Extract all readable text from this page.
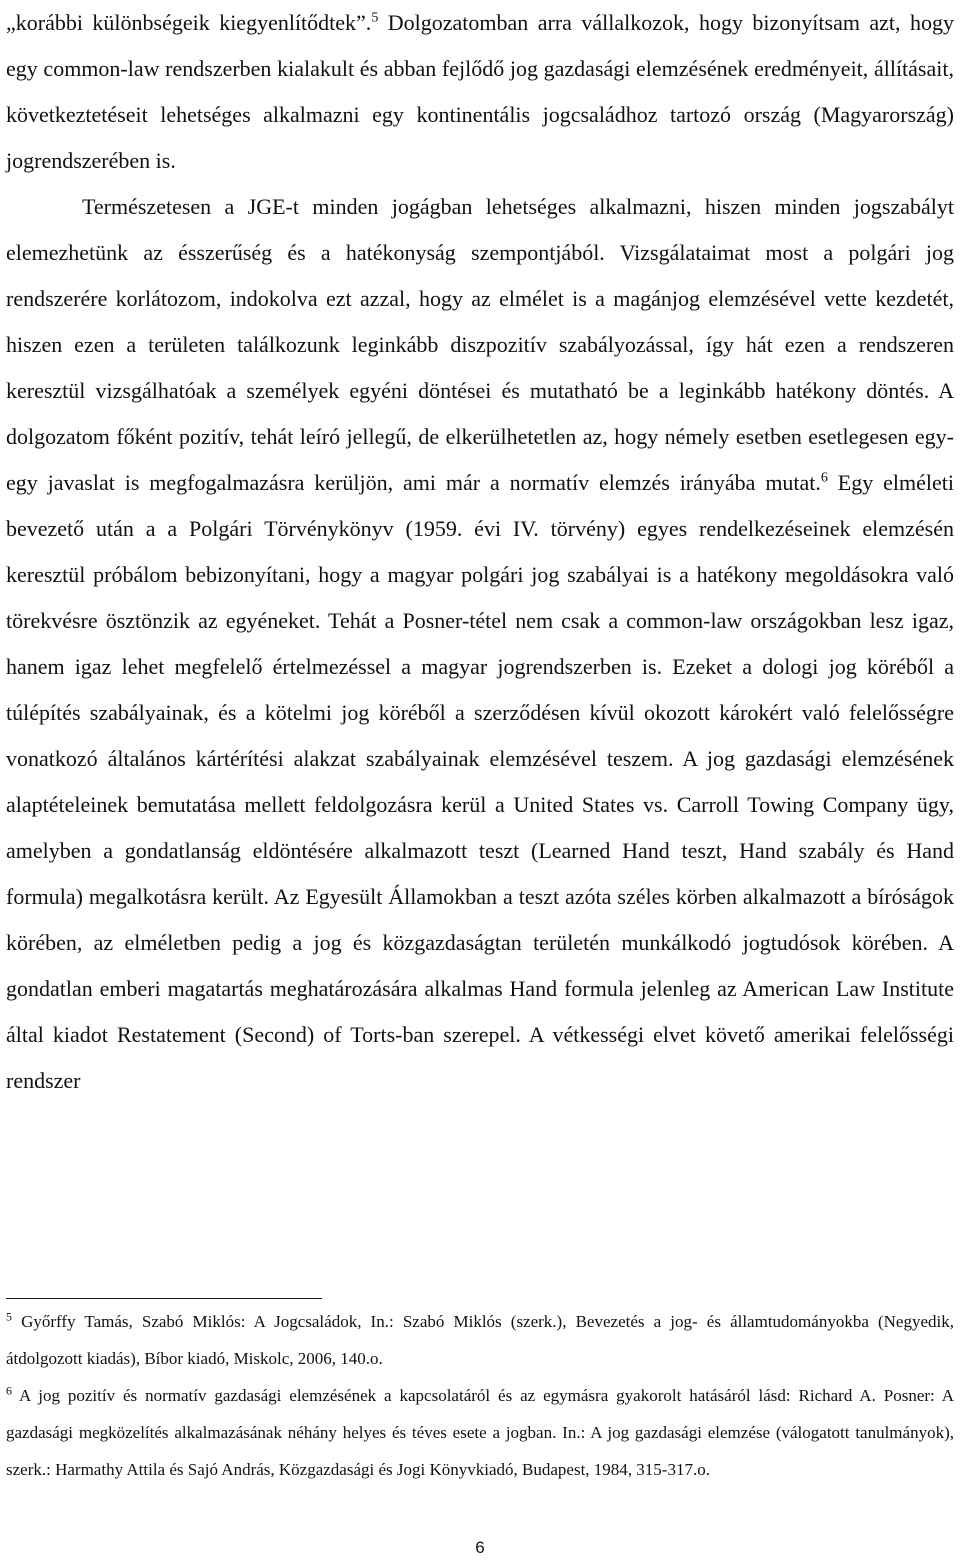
„korábbi különbségeik kiegyenlítődtek”.$^5$ Dolgozatomban arra vállalkozok, hogy bizonyítsam azt, hogy egy common-law rendszerben kialakult és abban fejlődő jog gazdasági elemzésének eredményeit, állításait, következtetéseit lehetséges alkalmazni egy kontinentális jogcsaládhoz tartozó ország (Magyarország) jogrendszerében is.

Természetesen a JGE-t minden jogágban lehetséges alkalmazni, hiszen minden jogszabályt elemezhetünk az ésszerűség és a hatékonyság szempontjából. Vizsgálataimat most a polgári jog rendszerére korlátozom, indokolva ezt azzal, hogy az elmélet is a magánjog elemzésével vette kezdetét, hiszen ezen a területen találkozunk leginkább diszpozitív szabályozással, így hát ezen a rendszeren keresztül vizsgálhatóak a személyek egyéni döntései és mutatható be a leginkább hatékony döntés. A dolgozatom főként pozitív, tehát leíró jellegű, de elkerülhetetlen az, hogy némely esetben esetlegesen egy-egy javaslat is megfogalmazásra kerüljön, ami már a normatív elemzés irányába mutat.$^6$ Egy elméleti bevezető után a a Polgári Törvénykönyv (1959. évi IV. törvény) egyes rendelkezéseinek elemzésén keresztül próbálom bebizonyítani, hogy a magyar polgári jog szabályai is a hatékony megoldásokra való törekvésre ösztönzik az egyéneket. Tehát a Posner-tétel nem csak a common-law országokban lesz igaz, hanem igaz lehet megfelelő értelmezéssel a magyar jogrendszerben is. Ezeket a dologi jog köréből a túlépítés szabályainak, és a kötelmi jog köréből a szerződésen kívül okozott károkért való felelősségre vonatkozó általános kártérítési alakzat szabályainak elemzésével teszem. A jog gazdasági elemzésének alaptételeinek bemutatása mellett feldolgozásra kerül a United States vs. Carroll Towing Company ügy, amelyben a gondatlanság eldöntésére alkalmazott teszt (Learned Hand teszt, Hand szabály és Hand formula) megalkotásra került. Az Egyesült Államokban a teszt azóta széles körben alkalmazott a bíróságok körében, az elméletben pedig a jog és közgazdaságtan területén munkálkodó jogtudósok körében. A gondatlan emberi magatartás meghatározására alkalmas Hand formula jelenleg az American Law Institute által kiadot Restatement (Second) of Torts-ban szerepel. A vétkességi elvet követő amerikai felelősségi rendszer

$^5$ Győrffy Tamás, Szabó Miklós: A Jogcsaládok, In.: Szabó Miklós (szerk.), Bevezetés a jog- és államtudományokba (Negyedik, átdolgozott kiadás), Bíbor kiadó, Miskolc, 2006, 140.o.

$^6$ A jog pozitív és normatív gazdasági elemzésének a kapcsolatáról és az egymásra gyakorolt hatásáról lásd: Richard A. Posner: A gazdasági megközelítés alkalmazásának néhány helyes és téves esete a jogban. In.: A jog gazdasági elemzése (válogatott tanulmányok), szerk.: Harmathy Attila és Sajó András, Közgazdasági és Jogi Könyvkiadó, Budapest, 1984, 315-317.o.

6
